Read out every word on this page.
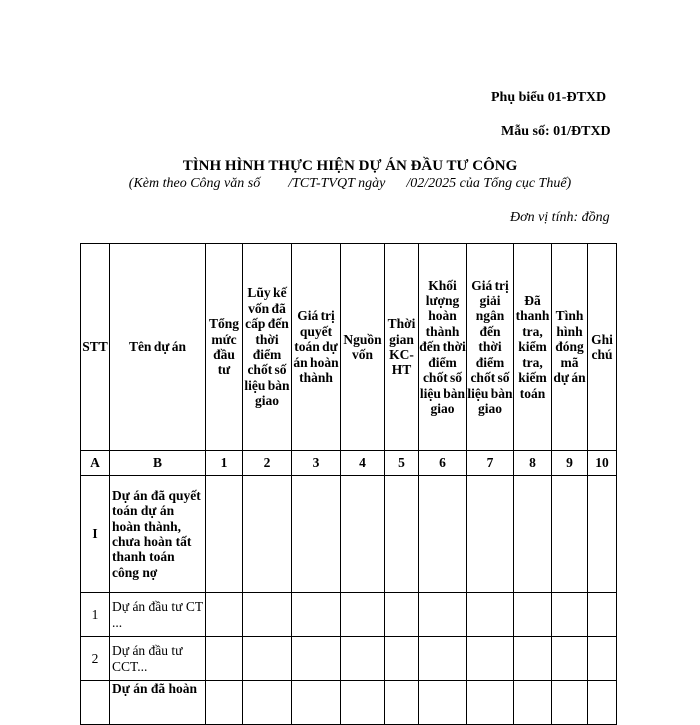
Phụ biểu 01-ĐTXD
Mẫu số: 01/ĐTXD
TÌNH HÌNH THỰC HIỆN DỰ ÁN ĐẦU TƯ CÔNG
(Kèm theo Công văn số        /TCT-TVQT ngày      /02/2025 của Tổng cục Thuế)
Đơn vị tính: đồng
STT	Tên dự án	Tổng mức đầu tư	Lũy kế vốn đã cấp đến thời điểm chốt số liệu bàn giao	Giá trị quyết toán dự án hoàn thành	Nguồn vốn	Thời gian KC-HT	Khối lượng hoàn thành đến thời điểm chốt số liệu bàn giao	Giá trị giải ngân đến thời điểm chốt số liệu bàn giao	Đã thanh tra, kiểm tra, kiếm toán	Tình hình đóng mã dự án	Ghi chú
A	B	1	2	3	4	5	6	7	8	9	10
I	Dự án đã quyết toán dự án hoàn thành, chưa hoàn tất thanh toán công nợ										
1	Dự án đầu tư CT ...										

2	Dự án đầu tư CCT...										

	Dự án đã hoàn										
